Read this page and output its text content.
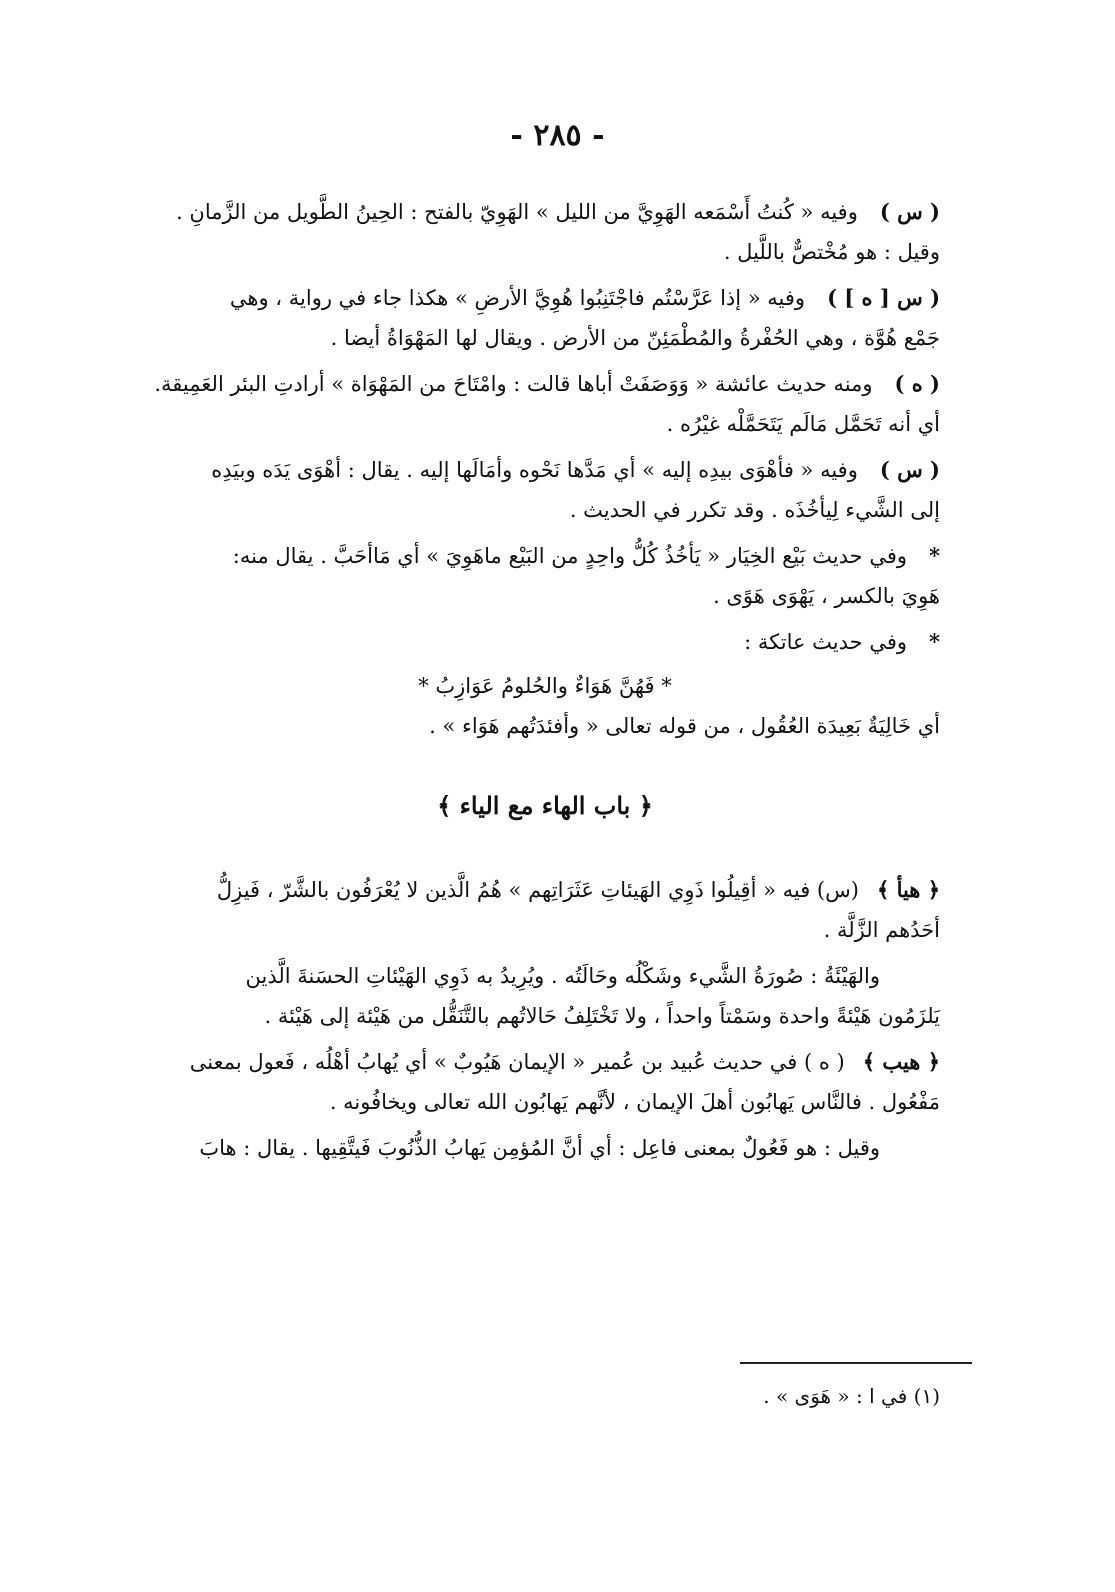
- ٢٨٥ -
( س )وفيه « كُنتُ أَسْمَعه الهَوِيَّ من الليل » الهَوِيّ بالفتح : الحِينُ الطَّويل من الزَّمانِ .
وقيل : هو مُخْتصٌّ باللَّيل .
( س [ ه ] )وفيه « إذا عَرَّسْتُم فاجْتَنِبُوا هُوِيَّ الأرضِ » هكذا جاء في رواية ، وهي
جَمْع هُوَّة ، وهي الحُفْرةُ والمُطْمَئِنّ من الأرض . ويقال لها المَهْوَاةُ أيضا .
( ه )ومنه حديث عائشة « وَوَصَفَتْ أباها قالت : وامْتَاحَ من المَهْوَاة » أرادتِ البئر العَمِيقة.
أي أنه تَحَمَّل مَالَم يَتَحَمَّلْه غيْرُه .
( س )وفيه « فأهْوَى بيدِه إليه » أي مَدَّها نَحْوه وأمَالَها إليه . يقال : أهْوَى يَدَه وبيَدِه
إلى الشَّيء لِيأخُذَه . وقد تكرر في الحديث .
*وفي حديث بَيْع الخِيَار « يَأخُذُ كُلُّ واحِدٍ من البَيْع ماهَوِيَ » أي مَاأحَبَّ . يقال منه:
هَوِيَ بالكسر ، يَهْوَى هَوًى .
*وفي حديث عاتكة :
* فَهُنَّ هَوَاءٌ والحُلومُ عَوَازِبُ *
أي خَالِيَةٌ بَعِيدَة العُقُول ، من قوله تعالى « وأفئدَتُهم هَوَاء » .
﴿ باب الهاء مع الياء ﴾
﴿ هيأ ﴾(س) فيه « أقِيلُوا ذَوِي الهَيئاتِ عَثَرَاتِهم » هُمُ الَّذين لا يُعْرَفُون بالشَّرّ ، فَيزِلُّ
أحَدُهم الزَّلَّة .
والهَيْئَةُ : صُورَةُ الشَّيء وشَكْلُه وحَالَتُه . ويُرِيدُ به ذَوِي الهَيْئاتِ الحسَنةَ الَّذين
يَلزَمُون هَيْئةً واحدة وسَمْتاً واحداً ، ولا تَخْتَلِفُ حَالاتُهم بالتَّنَقُّل من هَيْئة إلى هَيْئة .
﴿ هيب ﴾( ه ) في حديث عُبيد بن عُمير « الإيمان هَيُوبٌ » أي يُهابُ أهْلُه ، فَعول بمعنى
مَفْعُول . فالنَّاس يَهابُون أهلَ الإيمان ، لأنَّهم يَهابُون الله تعالى ويخافُونه .
وقيل : هو فَعُولٌ بمعنى فاعِل : أي أنَّ المُؤمِن يَهابُ الذُّنُوبَ فَيتَّقِيها . يقال : هابَ
(١) في ا : « هَوَى » .
